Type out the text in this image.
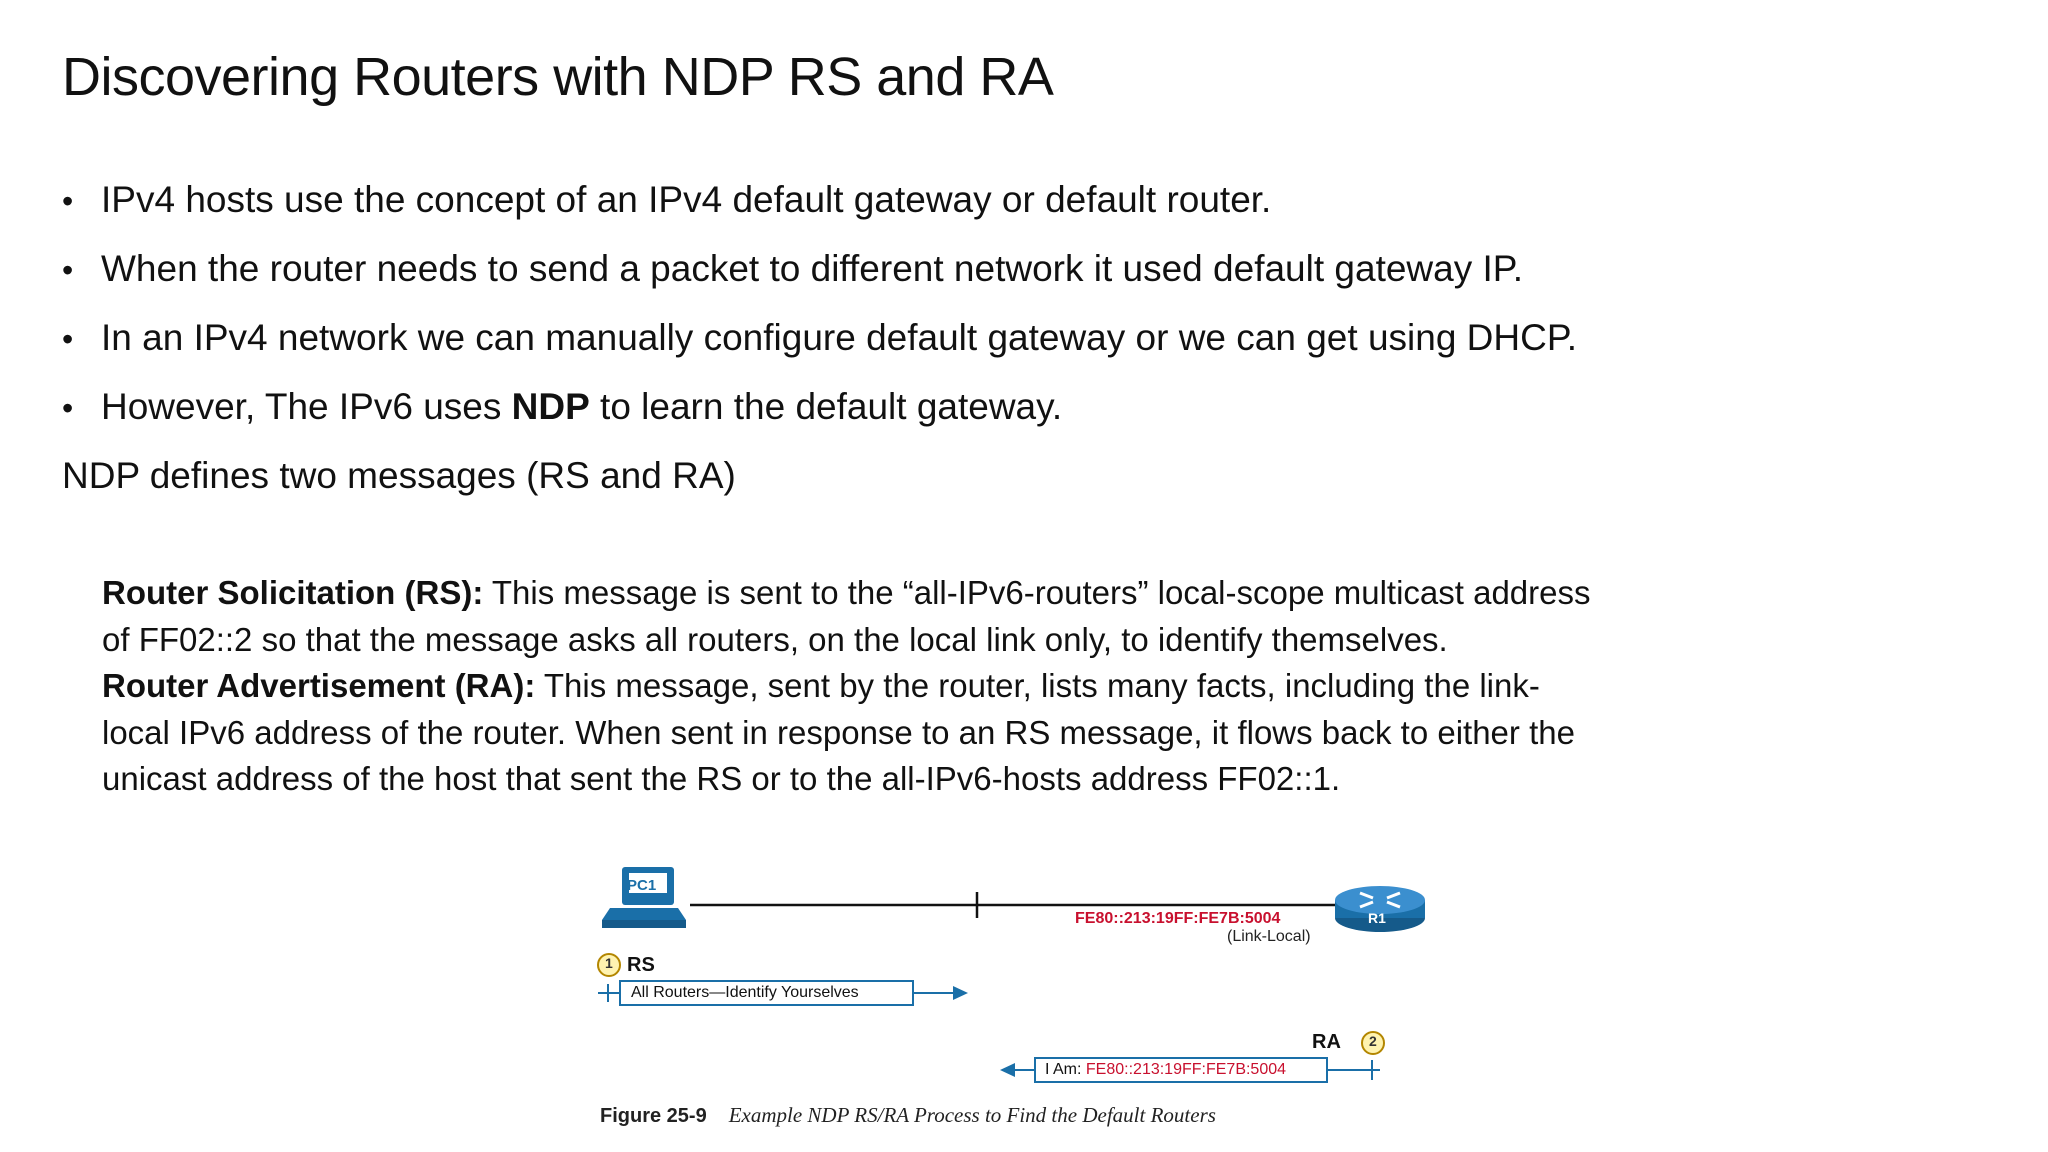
Discovering Routers with NDP RS and RA
• IPv4 hosts use the concept of an IPv4 default gateway or default router.
• When the router needs to send a packet to different network it used default gateway IP.
• In an IPv4 network we can manually configure default gateway or we can get using DHCP.
• However, The IPv6 uses NDP to learn the default gateway.
NDP defines two messages (RS and RA)
Router Solicitation (RS): This message is sent to the “all-IPv6-routers” local-scope multicast address of FF02::2 so that the message asks all routers, on the local link only, to identify themselves.
Router Advertisement (RA): This message, sent by the router, lists many facts, including the link-local IPv6 address of the router. When sent in response to an RS message, it flows back to either the unicast address of the host that sent the RS or to the all-IPv6-hosts address FF02::1.
PC1
R1
FE80::213:19FF:FE7B:5004
(Link-Local)
1 RS
All Routers—Identify Yourselves
RA 2
I Am: FE80::213:19FF:FE7B:5004
Figure 25-9 Example NDP RS/RA Process to Find the Default Routers
